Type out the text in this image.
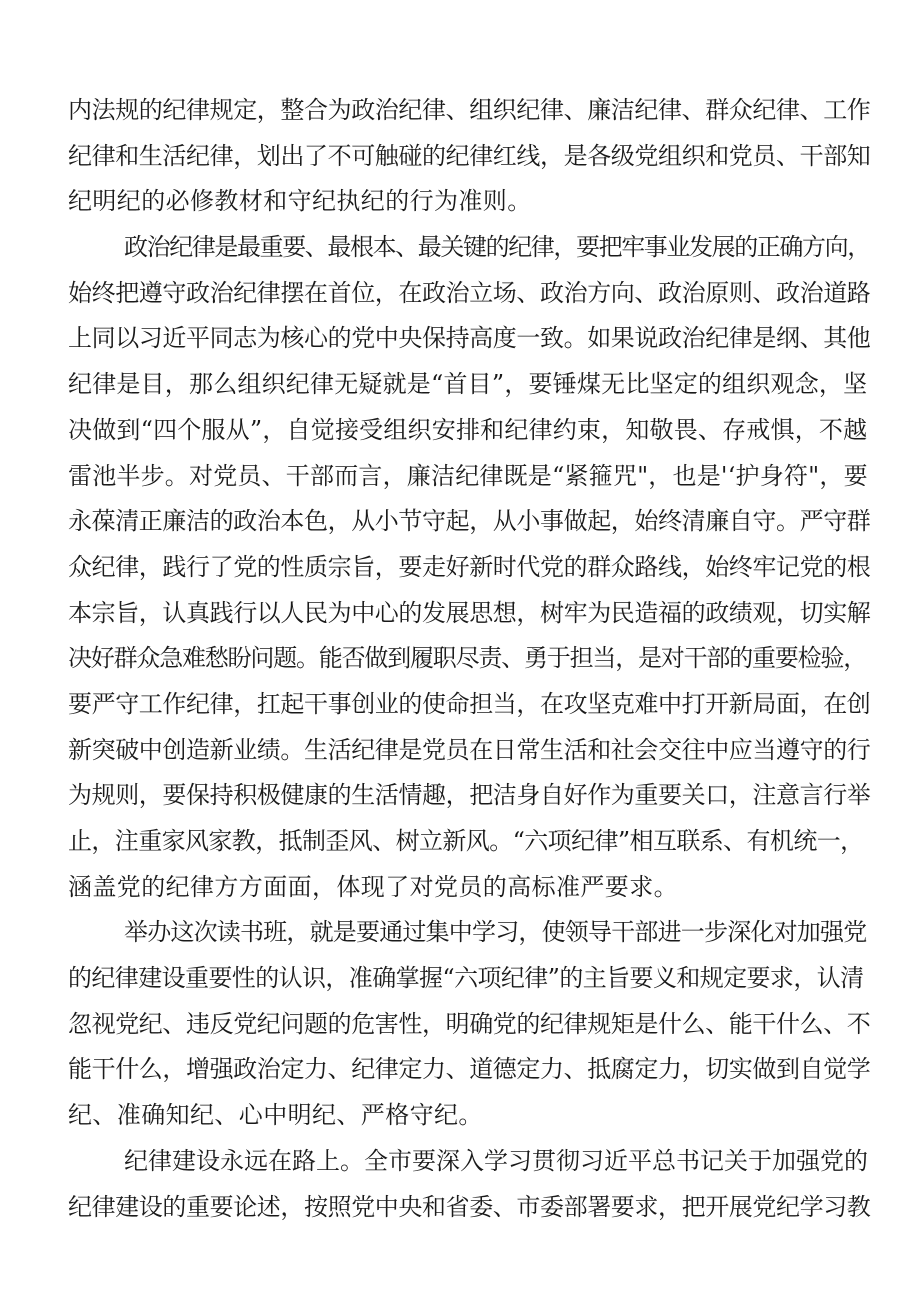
内法规的纪律规定，整合为政治纪律、组织纪律、廉洁纪律、群众纪律、工作
纪律和生活纪律，划出了不可触碰的纪律红线，是各级党组织和党员、干部知
纪明纪的必修教材和守纪执纪的行为准则。
政治纪律是最重要、最根本、最关键的纪律，要把牢事业发展的正确方向，
始终把遵守政治纪律摆在首位，在政治立场、政治方向、政治原则、政治道路
上同以习近平同志为核心的党中央保持高度一致。如果说政治纪律是纲、其他
纪律是目，那么组织纪律无疑就是“首目”，要锤煤无比坚定的组织观念，坚
决做到“四个服从”，自觉接受组织安排和纪律约束，知敬畏、存戒惧，不越
雷池半步。对党员、干部而言，廉洁纪律既是“紧箍咒"，也是'‘护身符"，要
永葆清正廉洁的政治本色，从小节守起，从小事做起，始终清廉自守。严守群
众纪律，践行了党的性质宗旨，要走好新时代党的群众路线，始终牢记党的根
本宗旨，认真践行以人民为中心的发展思想，树牢为民造福的政绩观，切实解
决好群众急难愁盼问题。能否做到履职尽责、勇于担当，是对干部的重要检验，
要严守工作纪律，扛起干事创业的使命担当，在攻坚克难中打开新局面，在创
新突破中创造新业绩。生活纪律是党员在日常生活和社会交往中应当遵守的行
为规则，要保持积极健康的生活情趣，把洁身自好作为重要关口，注意言行举
止，注重家风家教，抵制歪风、树立新风。“六项纪律”相互联系、有机统一，
涵盖党的纪律方方面面，体现了对党员的高标准严要求。
举办这次读书班，就是要通过集中学习，使领导干部进一步深化对加强党
的纪律建设重要性的认识，准确掌握“六项纪律”的主旨要义和规定要求，认清
忽视党纪、违反党纪问题的危害性，明确党的纪律规矩是什么、能干什么、不
能干什么，增强政治定力、纪律定力、道德定力、抵腐定力，切实做到自觉学
纪、准确知纪、心中明纪、严格守纪。
纪律建设永远在路上。全市要深入学习贯彻习近平总书记关于加强党的
纪律建设的重要论述，按照党中央和省委、市委部署要求，把开展党纪学习教
